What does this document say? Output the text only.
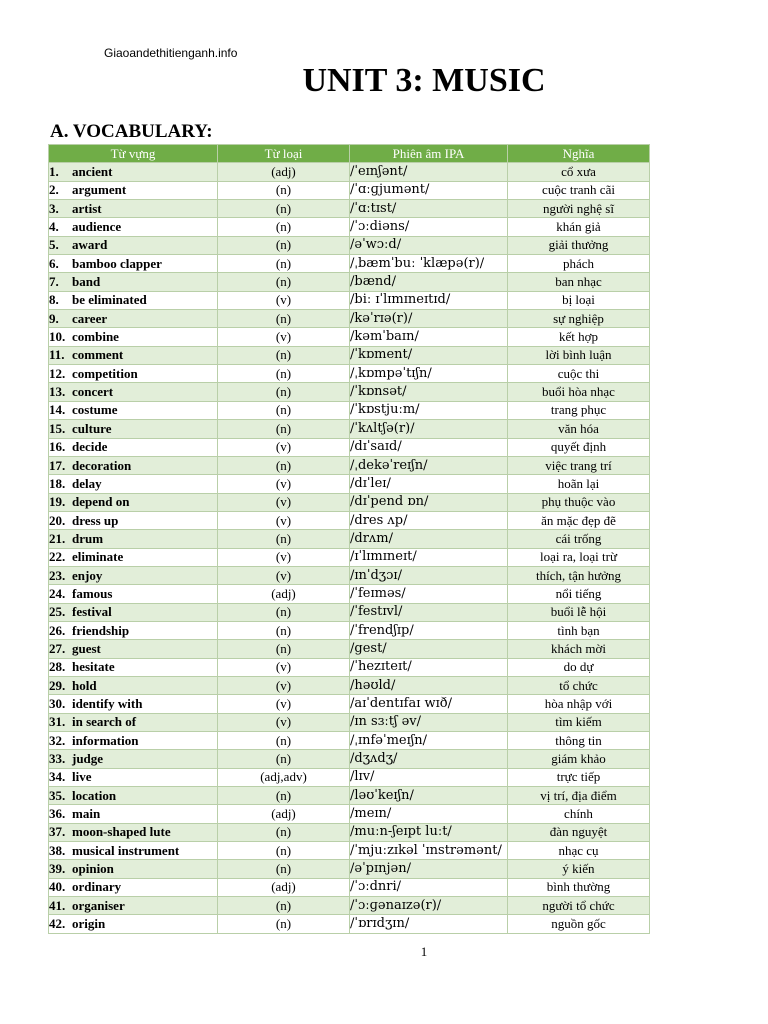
Giaoandethitienganh.info
UNIT 3: MUSIC
A. VOCABULARY:
Từ vựng	Từ loại	Phiên âm IPA	Nghĩa
1. ancient	(adj)	/ˈeɪnʃənt/	cổ xưa
2. argument	(n)	/ˈɑːɡjumənt/	cuộc tranh cãi
3. artist	(n)	/ˈɑːtɪst/	người nghệ sĩ
4. audience	(n)	/ˈɔːdiəns/	khán giả
5. award	(n)	/əˈwɔːd/	giải thưởng
6. bamboo clapper	(n)	/ˌbæmˈbuː ˈklæpə(r)/	phách
7. band	(n)	/bænd/	ban nhạc
8. be eliminated	(v)	/biː ɪˈlɪmɪneɪtɪd/	bị loại
9. career	(n)	/kəˈrɪə(r)/	sự nghiệp
10. combine	(v)	/kəmˈbaɪn/	kết hợp
11. comment	(n)	/ˈkɒment/	lời bình luận
12. competition	(n)	/ˌkɒmpəˈtɪʃn/	cuộc thi
13. concert	(n)	/ˈkɒnsət/	buổi hòa nhạc
14. costume	(n)	/ˈkɒstjuːm/	trang phục
15. culture	(n)	/ˈkʌltʃə(r)/	văn hóa
16. decide	(v)	/dɪˈsaɪd/	quyết định
17. decoration	(n)	/ˌdekəˈreɪʃn/	việc trang trí
18. delay	(v)	/dɪˈleɪ/	hoãn lại
19. depend on	(v)	/dɪˈpend ɒn/	phụ thuộc vào
20. dress up	(v)	/dres ʌp/	ăn mặc đẹp đẽ
21. drum	(n)	/drʌm/	cái trống
22. eliminate	(v)	/ɪˈlɪmɪneɪt/	loại ra, loại trừ
23. enjoy	(v)	/ɪnˈdʒɔɪ/	thích, tận hưởng
24. famous	(adj)	/ˈfeɪməs/	nổi tiếng
25. festival	(n)	/ˈfestɪvl/	buổi lễ hội
26. friendship	(n)	/ˈfrendʃɪp/	tình bạn
27. guest	(n)	/gest/	khách mời
28. hesitate	(v)	/ˈhezɪteɪt/	do dự
29. hold	(v)	/həʊld/	tổ chức
30. identify with	(v)	/aɪˈdentɪfaɪ wɪð/	hòa nhập với
31. in search of	(v)	/ɪn sɜːtʃ əv/	tìm kiếm
32. information	(n)	/ˌɪnfəˈmeɪʃn/	thông tin
33. judge	(n)	/dʒʌdʒ/	giám khảo
34. live	(adj,adv)	/lɪv/	trực tiếp
35. location	(n)	/ləʊˈkeɪʃn/	vị trí, địa điểm
36. main	(adj)	/meɪn/	chính
37. moon-shaped lute	(n)	/muːn-ʃeɪpt luːt/	đàn nguyệt
38. musical instrument	(n)	/ˈmjuːzɪkəl ˈɪnstrəmənt/	nhạc cụ
39. opinion	(n)	/əˈpɪnjən/	ý kiến
40. ordinary	(adj)	/ˈɔːdnri/	bình thường
41. organiser	(n)	/ˈɔːɡənaɪzə(r)/	người tổ chức
42. origin	(n)	/ˈɒrɪdʒɪn/	nguồn gốc
1
